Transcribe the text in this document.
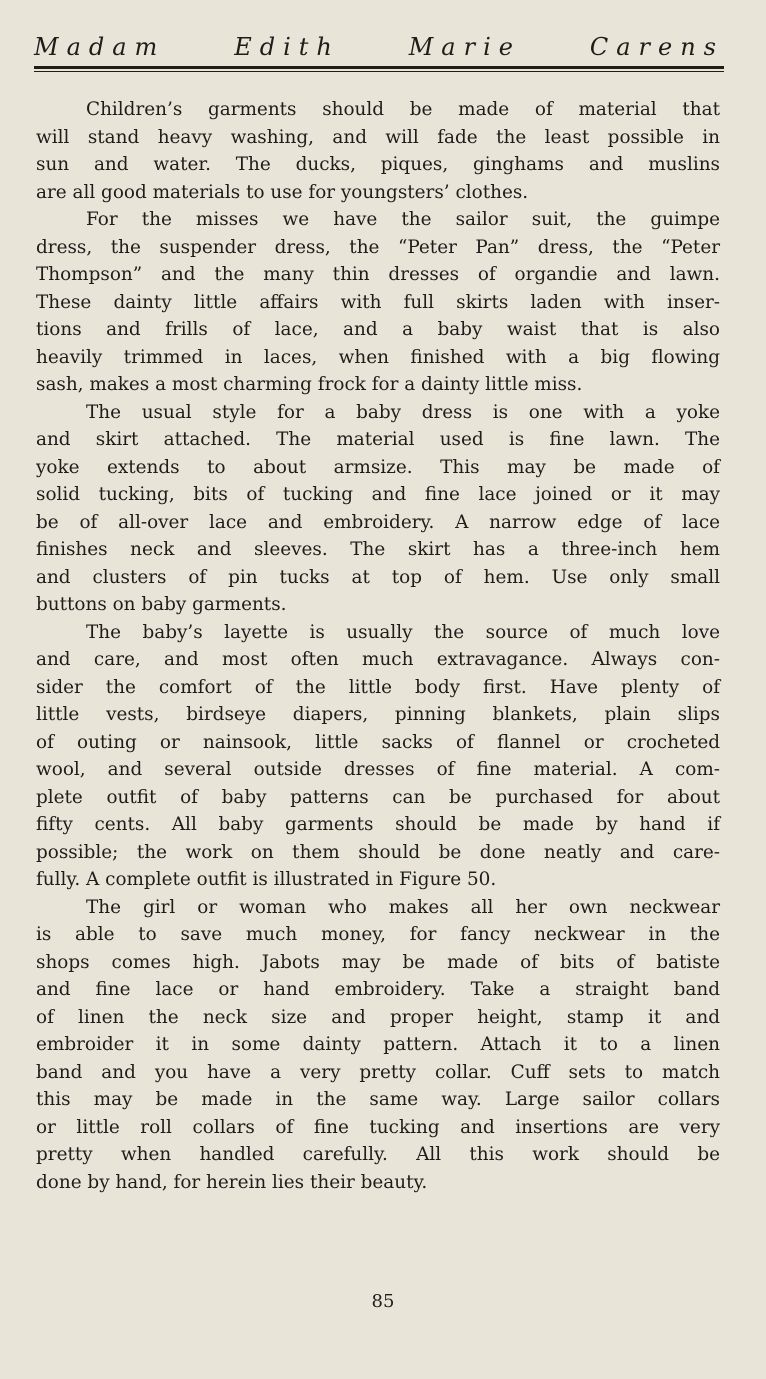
Madam	Edith	Marie	Carens
Children’s garments should be made of material that
will stand heavy washing, and will fade the least possible in
sun and water. The ducks, piques, ginghams and muslins
are all good materials to use for youngsters’ clothes.
For the misses we have the sailor suit, the guimpe
dress, the suspender dress, the “Peter Pan” dress, the “Peter
Thompson” and the many thin dresses of organdie and lawn.
These dainty little affairs with full skirts laden with inser-
tions and frills of lace, and a baby waist that is also
heavily trimmed in laces, when finished with a big flowing
sash, makes a most charming frock for a dainty little miss.
The usual style for a baby dress is one with a yoke
and skirt attached. The material used is fine lawn. The
yoke extends to about armsize. This may be made of
solid tucking, bits of tucking and fine lace joined or it may
be of all-over lace and embroidery. A narrow edge of lace
finishes neck and sleeves. The skirt has a three-inch hem
and clusters of pin tucks at top of hem. Use only small
buttons on baby garments.
The baby’s layette is usually the source of much love
and care, and most often much extravagance. Always con-
sider the comfort of the little body first. Have plenty of
little vests, birdseye diapers, pinning blankets, plain slips
of outing or nainsook, little sacks of flannel or crocheted
wool, and several outside dresses of fine material. A com-
plete outfit of baby patterns can be purchased for about
fifty cents. All baby garments should be made by hand if
possible; the work on them should be done neatly and care-
fully. A complete outfit is illustrated in Figure 50.
The girl or woman who makes all her own neckwear
is able to save much money, for fancy neckwear in the
shops comes high. Jabots may be made of bits of batiste
and fine lace or hand embroidery. Take a straight band
of linen the neck size and proper height, stamp it and
embroider it in some dainty pattern. Attach it to a linen
band and you have a very pretty collar. Cuff sets to match
this may be made in the same way. Large sailor collars
or little roll collars of fine tucking and insertions are very
pretty when handled carefully. All this work should be
done by hand, for herein lies their beauty.
85
